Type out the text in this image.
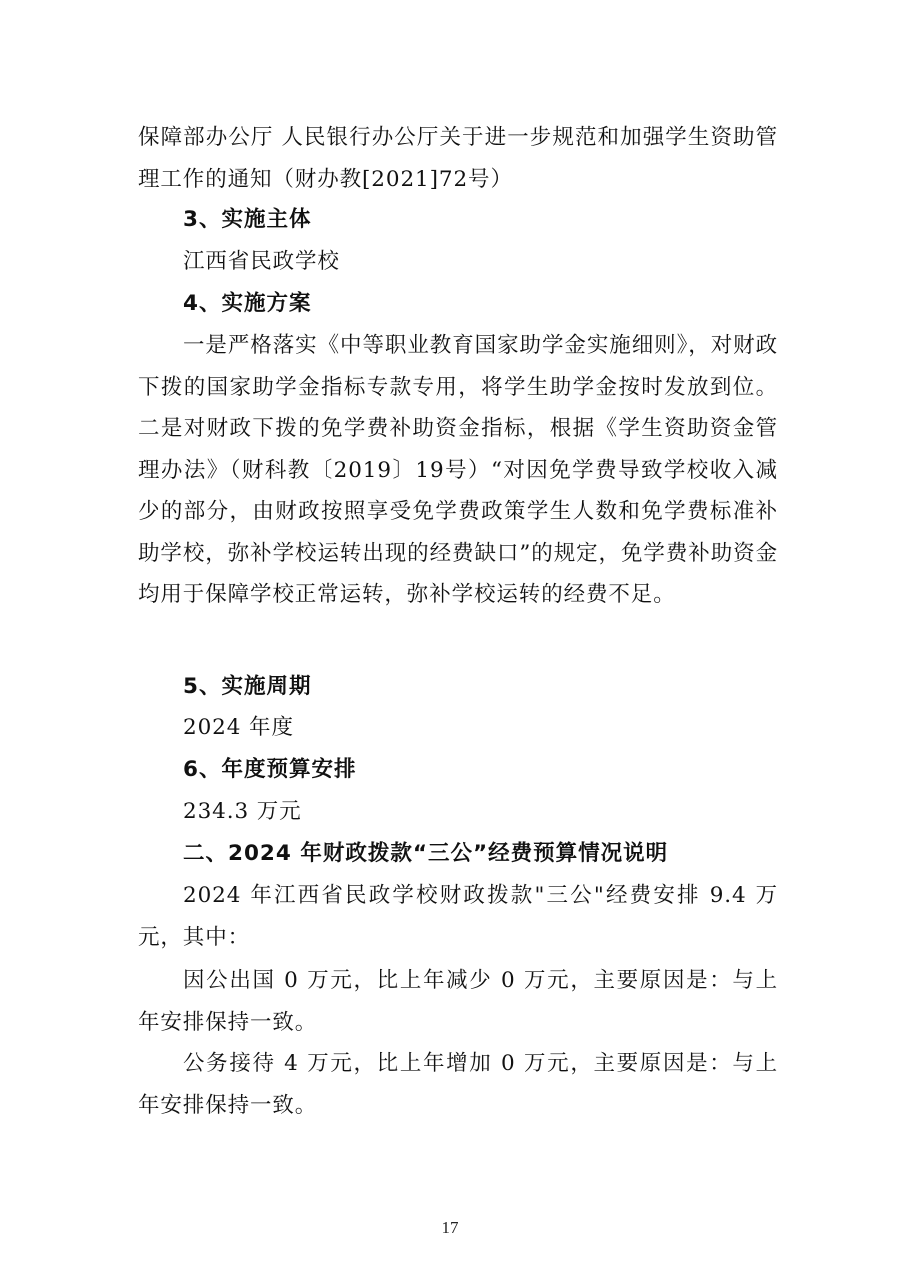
保障部办公厅 人民银行办公厅关于进一步规范和加强学生资助管理工作的通知（财办教[2021]72号）
3、实施主体
江西省民政学校
4、实施方案
一是严格落实《中等职业教育国家助学金实施细则》，对财政下拨的国家助学金指标专款专用，将学生助学金按时发放到位。二是对财政下拨的免学费补助资金指标，根据《学生资助资金管理办法》（财科教〔2019〕19号）“对因免学费导致学校收入减少的部分，由财政按照享受免学费政策学生人数和免学费标准补助学校，弥补学校运转出现的经费缺口”的规定，免学费补助资金均用于保障学校正常运转，弥补学校运转的经费不足。
5、实施周期
2024 年度
6、年度预算安排
234.3 万元
二、2024 年财政拨款“三公”经费预算情况说明
2024 年江西省民政学校财政拨款"三公"经费安排 9.4 万元，其中：
因公出国 0 万元，比上年减少 0 万元，主要原因是：与上年安排保持一致。
公务接待 4 万元，比上年增加 0 万元，主要原因是：与上年安排保持一致。
17
